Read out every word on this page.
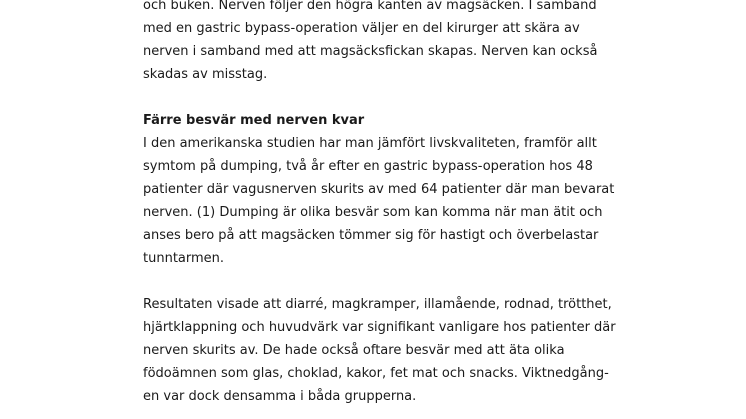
och buken. Nerven följer den högra kanten av magsäcken. I samband
med en gastric bypass-operation väljer en del kirurger att skära av
nerven i samband med att magsäcksfickan skapas. Nerven kan också
skadas av misstag.
Färre besvär med nerven kvar
I den amerikanska studien har man jämfört livskvaliteten, framför allt
symtom på dumping, två år efter en gastric bypass-operation hos 48
patienter där vagusnerven skurits av med 64 patienter där man bevarat
nerven. (1) Dumping är olika besvär som kan komma när man ätit och
anses bero på att magsäcken tömmer sig för hastigt och överbelastar
tunntarmen.
Resultaten visade att diarré, magkramper, illamående, rodnad, trötthet,
hjärtklappning och huvudvärk var signifikant vanligare hos patienter där
nerven skurits av. De hade också oftare besvär med att äta olika
födoämnen som glas, choklad, kakor, fet mat och snacks. Viktnedgång-
en var dock densamma i båda grupperna.
